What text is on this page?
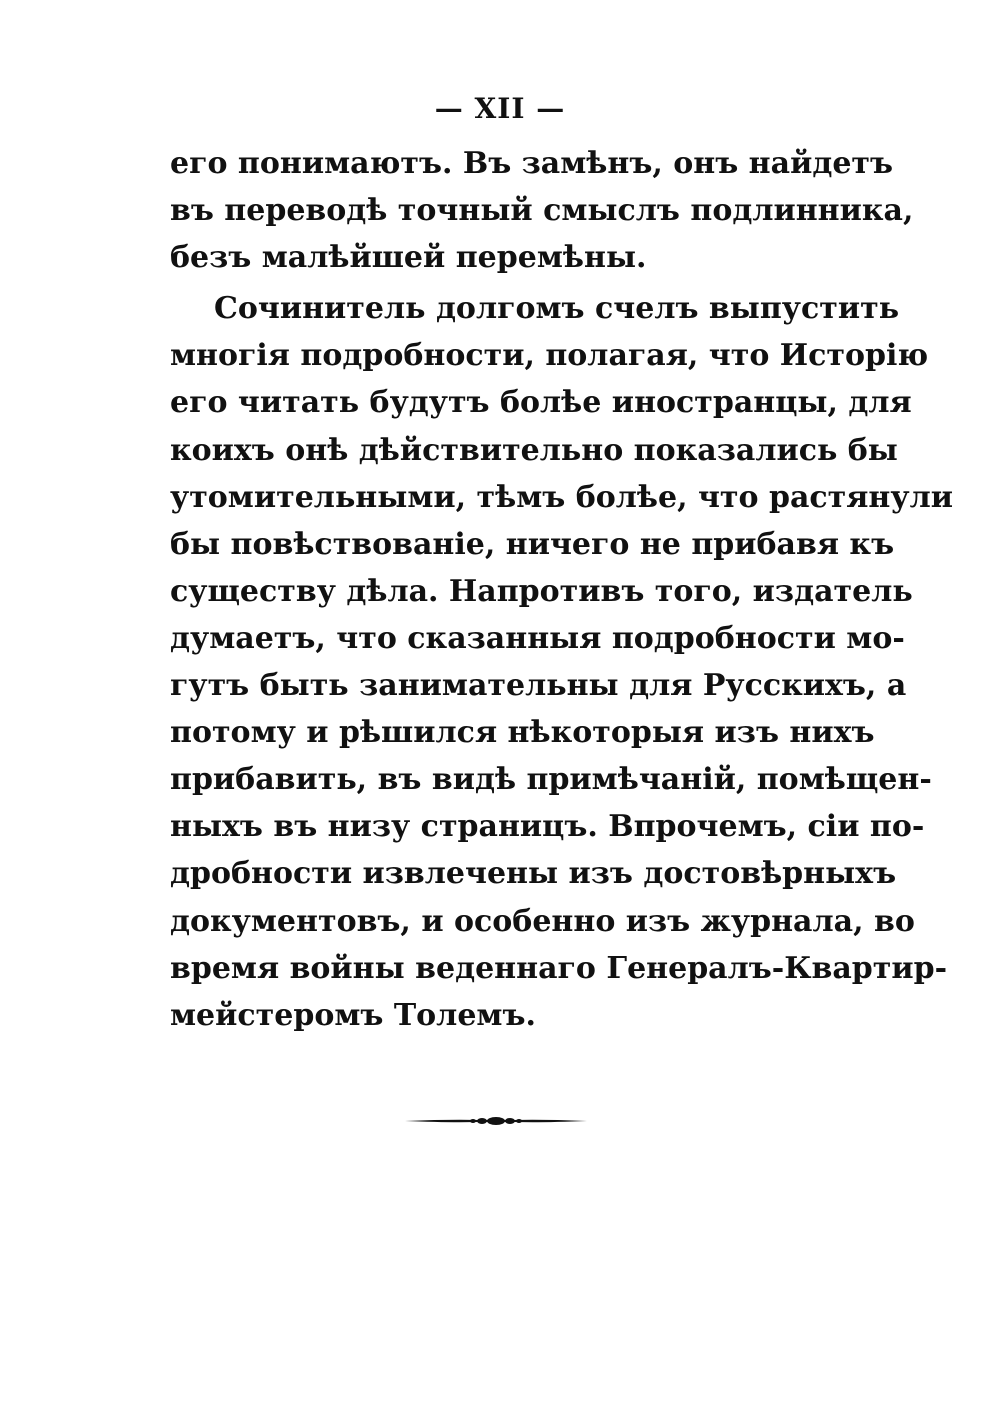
— XII —
его понимаютъ. Въ замѣнъ, онъ найдетъ
въ переводѣ точный смыслъ подлинника,
безъ малѣйшей перемѣны.
Сочинитель долгомъ счелъ выпустить
многія подробности, полагая, что Исторію
его читать будутъ болѣе иностранцы, для
коихъ онѣ дѣйствительно показались бы
утомительными, тѣмъ болѣе, что растянули
бы повѣствованіе, ничего не прибавя къ
существу дѣла. Напротивъ того, издатель
думаетъ, что сказанныя подробности мо-
гутъ быть занимательны для Русскихъ, а
потому и рѣшился нѣкоторыя изъ нихъ
прибавить, въ видѣ примѣчаній, помѣщен-
ныхъ въ низу страницъ. Впрочемъ, сіи по-
дробности извлечены изъ достовѣрныхъ
документовъ, и особенно изъ журнала, во
время войны веденнаго Генералъ-Квартир-
мейстеромъ Толемъ.
